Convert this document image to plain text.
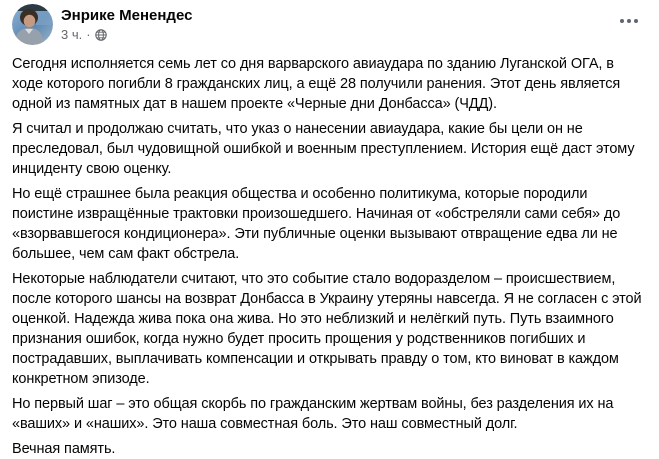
Энрике Менендес
3 ч. ·

Сегодня исполняется семь лет со дня варварского авиаудара по зданию Луганской ОГА, в ходе которого погибли 8 гражданских лиц, а ещё 28 получили ранения. Этот день является одной из памятных дат в нашем проекте «Черные дни Донбасса» (ЧДД).

Я считал и продолжаю считать, что указ о нанесении авиаудара, какие бы цели он не преследовал, был чудовищной ошибкой и военным преступлением. История ещё даст этому инциденту свою оценку.

Но ещё страшнее была реакция общества и особенно политикума, которые породили поистине извращённые трактовки произошедшего. Начиная от «обстреляли сами себя» до «взорвавшегося кондиционера». Эти публичные оценки вызывают отвращение едва ли не большее, чем сам факт обстрела.

Некоторые наблюдатели считают, что это событие стало водоразделом – происшествием, после которого шансы на возврат Донбасса в Украину утеряны навсегда. Я не согласен с этой оценкой. Надежда жива пока она жива. Но это неблизкий и нелёгкий путь. Путь взаимного признания ошибок, когда нужно будет просить прощения у родственников погибших и пострадавших, выплачивать компенсации и открывать правду о том, кто виноват в каждом конкретном эпизоде.

Но первый шаг – это общая скорбь по гражданским жертвам войны, без разделения их на «ваших» и «наших». Это наша совместная боль. Это наш совместный долг.

Вечная память.
